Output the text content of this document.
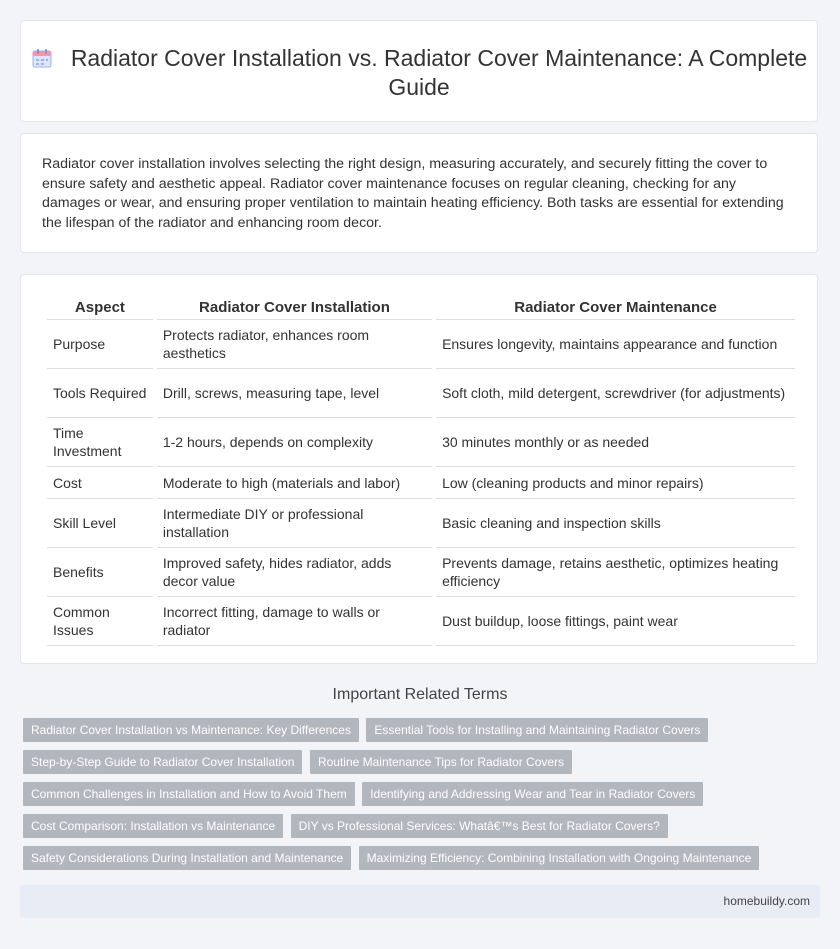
Radiator Cover Installation vs. Radiator Cover Maintenance: A Complete Guide

Radiator cover installation involves selecting the right design, measuring accurately, and securely fitting the cover to ensure safety and aesthetic appeal. Radiator cover maintenance focuses on regular cleaning, checking for any damages or wear, and ensuring proper ventilation to maintain heating efficiency. Both tasks are essential for extending the lifespan of the radiator and enhancing room decor.

Aspect	Radiator Cover Installation	Radiator Cover Maintenance
Purpose	Protects radiator, enhances room aesthetics	Ensures longevity, maintains appearance and function
Tools Required	Drill, screws, measuring tape, level	Soft cloth, mild detergent, screwdriver (for adjustments)
Time Investment	1-2 hours, depends on complexity	30 minutes monthly or as needed
Cost	Moderate to high (materials and labor)	Low (cleaning products and minor repairs)
Skill Level	Intermediate DIY or professional installation	Basic cleaning and inspection skills
Benefits	Improved safety, hides radiator, adds decor value	Prevents damage, retains aesthetic, optimizes heating efficiency
Common Issues	Incorrect fitting, damage to walls or radiator	Dust buildup, loose fittings, paint wear
Important Related Terms
Radiator Cover Installation vs Maintenance: Key Differences Essential Tools for Installing and Maintaining Radiator Covers
Step-by-Step Guide to Radiator Cover Installation Routine Maintenance Tips for Radiator Covers
Common Challenges in Installation and How to Avoid Them Identifying and Addressing Wear and Tear in Radiator Covers
Cost Comparison: Installation vs Maintenance DIY vs Professional Services: Whatâ€™s Best for Radiator Covers?
Safety Considerations During Installation and Maintenance Maximizing Efficiency: Combining Installation with Ongoing Maintenance
homebuildy.com
